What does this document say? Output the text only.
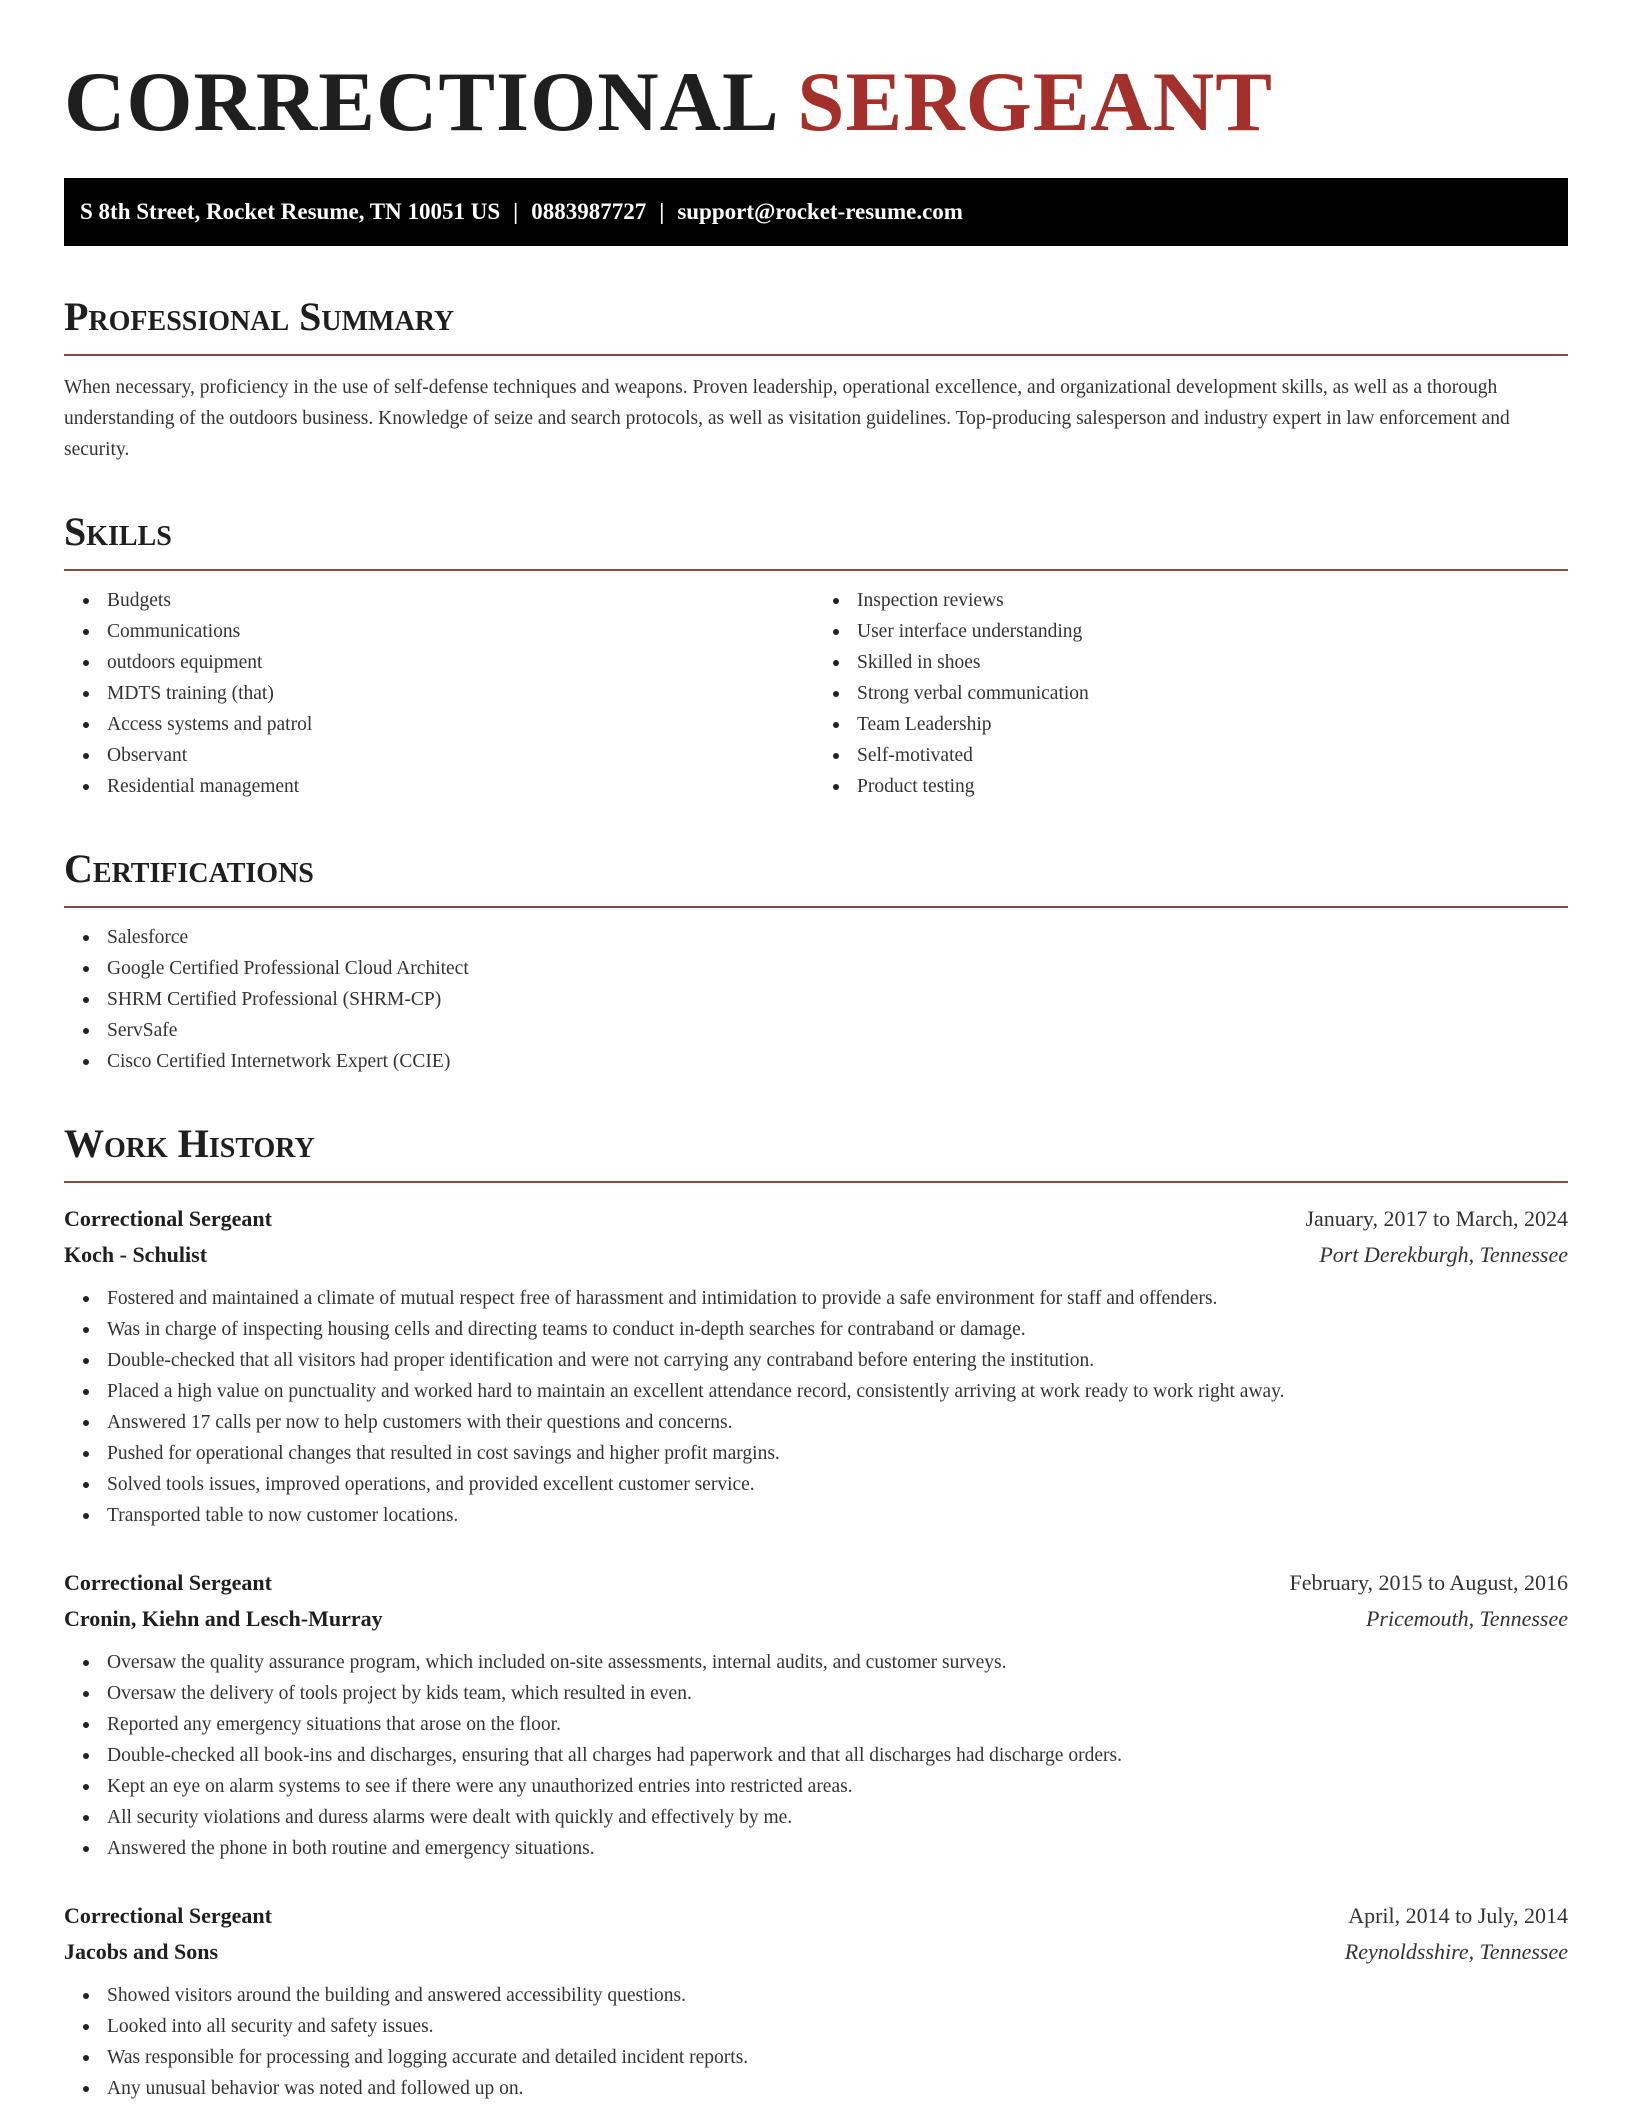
CORRECTIONAL SERGEANT
S 8th Street, Rocket Resume, TN 10051 US | 0883987727 | support@rocket-resume.com
Professional Summary

When necessary, proficiency in the use of self-defense techniques and weapons. Proven leadership, operational excellence, and organizational development skills, as well as a thorough understanding of the outdoors business. Knowledge of seize and search protocols, as well as visitation guidelines. Top-producing salesperson and industry expert in law enforcement and security.

Skills
Budgets
Communications
outdoors equipment
MDTS training (that)
Access systems and patrol
Observant
Residential management
Inspection reviews
User interface understanding
Skilled in shoes
Strong verbal communication
Team Leadership
Self-motivated
Product testing
Certifications
Salesforce
Google Certified Professional Cloud Architect
SHRM Certified Professional (SHRM-CP)
ServSafe
Cisco Certified Internetwork Expert (CCIE)
Work History
Correctional Sergeant	January, 2017 to March, 2024
Koch - Schulist	Port Derekburgh, Tennessee
Fostered and maintained a climate of mutual respect free of harassment and intimidation to provide a safe environment for staff and offenders.
Was in charge of inspecting housing cells and directing teams to conduct in-depth searches for contraband or damage.
Double-checked that all visitors had proper identification and were not carrying any contraband before entering the institution.
Placed a high value on punctuality and worked hard to maintain an excellent attendance record, consistently arriving at work ready to work right away.
Answered 17 calls per now to help customers with their questions and concerns.
Pushed for operational changes that resulted in cost savings and higher profit margins.
Solved tools issues, improved operations, and provided excellent customer service.
Transported table to now customer locations.
Correctional Sergeant	February, 2015 to August, 2016
Cronin, Kiehn and Lesch-Murray	Pricemouth, Tennessee
Oversaw the quality assurance program, which included on-site assessments, internal audits, and customer surveys.
Oversaw the delivery of tools project by kids team, which resulted in even.
Reported any emergency situations that arose on the floor.
Double-checked all book-ins and discharges, ensuring that all charges had paperwork and that all discharges had discharge orders.
Kept an eye on alarm systems to see if there were any unauthorized entries into restricted areas.
All security violations and duress alarms were dealt with quickly and effectively by me.
Answered the phone in both routine and emergency situations.
Correctional Sergeant	April, 2014 to July, 2014
Jacobs and Sons	Reynoldsshire, Tennessee
Showed visitors around the building and answered accessibility questions.
Looked into all security and safety issues.
Was responsible for processing and logging accurate and detailed incident reports.
Any unusual behavior was noted and followed up on.
